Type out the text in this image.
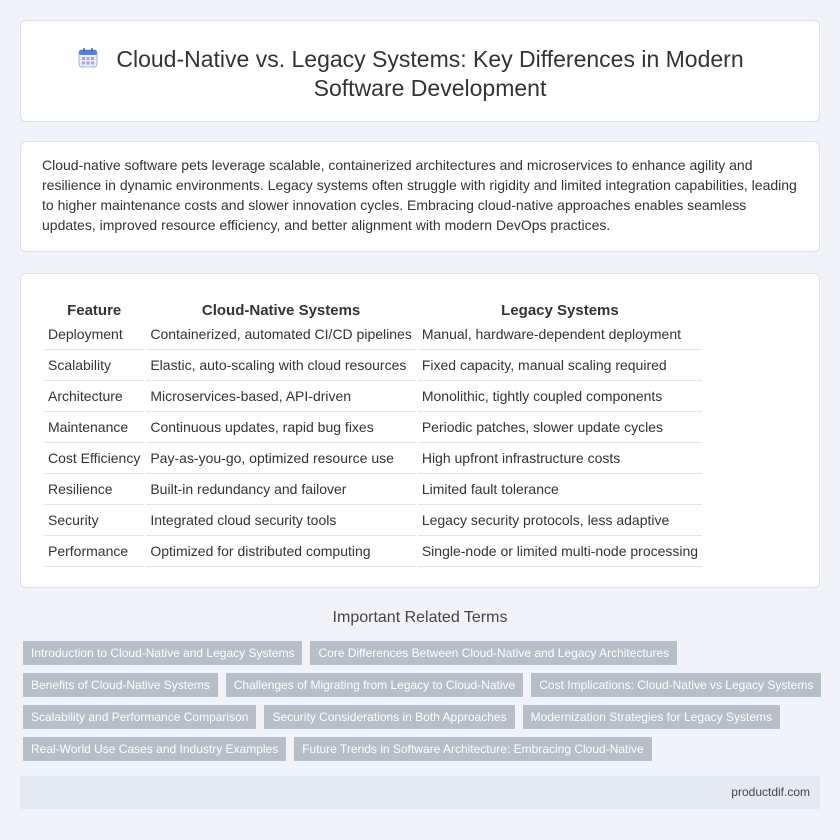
Cloud-Native vs. Legacy Systems: Key Differences in Modern Software Development

Cloud-native software pets leverage scalable, containerized architectures and microservices to enhance agility and resilience in dynamic environments. Legacy systems often struggle with rigidity and limited integration capabilities, leading to higher maintenance costs and slower innovation cycles. Embracing cloud-native approaches enables seamless updates, improved resource efficiency, and better alignment with modern DevOps practices.

Feature	Cloud-Native Systems	Legacy Systems
Deployment	Containerized, automated CI/CD pipelines	Manual, hardware-dependent deployment
Scalability	Elastic, auto-scaling with cloud resources	Fixed capacity, manual scaling required
Architecture	Microservices-based, API-driven	Monolithic, tightly coupled components
Maintenance	Continuous updates, rapid bug fixes	Periodic patches, slower update cycles
Cost Efficiency	Pay-as-you-go, optimized resource use	High upfront infrastructure costs
Resilience	Built-in redundancy and failover	Limited fault tolerance
Security	Integrated cloud security tools	Legacy security protocols, less adaptive
Performance	Optimized for distributed computing	Single-node or limited multi-node processing
Important Related Terms
Introduction to Cloud-Native and Legacy Systems	Core Differences Between Cloud-Native and Legacy Architectures
Benefits of Cloud-Native Systems	Challenges of Migrating from Legacy to Cloud-Native	Cost Implications: Cloud-Native vs Legacy Systems
Scalability and Performance Comparison	Security Considerations in Both Approaches	Modernization Strategies for Legacy Systems
Real-World Use Cases and Industry Examples	Future Trends in Software Architecture: Embracing Cloud-Native
productdif.com
